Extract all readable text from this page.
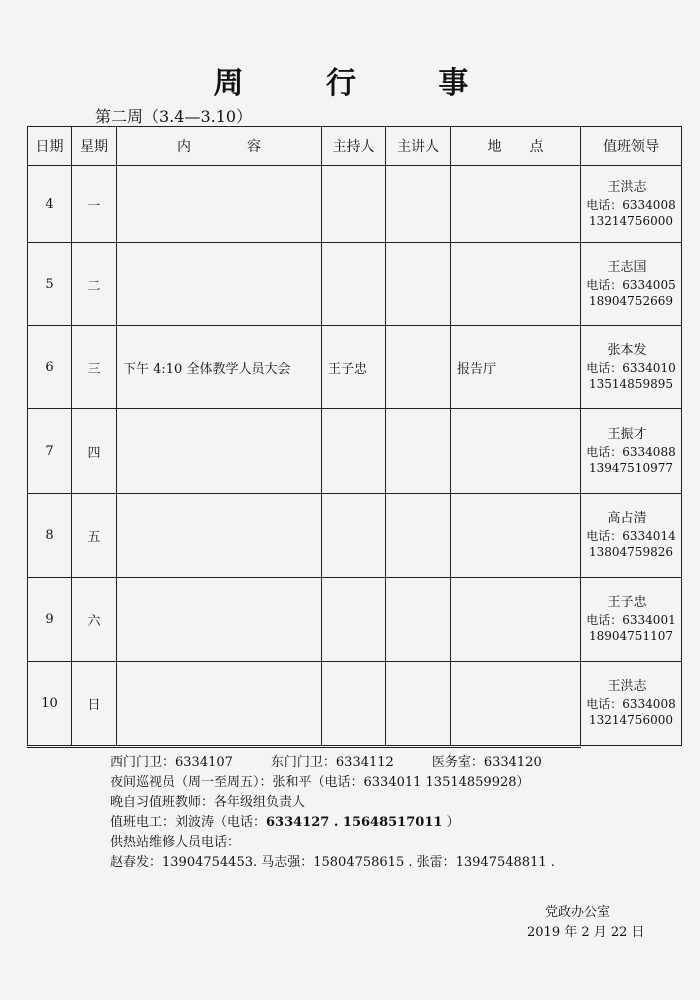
周 行 事
第二周（3.4—3.10）
日期	星期	内　　　　容	主持人	主讲人	地　　点	值班领导
4	一					王洪志
电话：6334008
13214756000
5	二					王志国
电话：6334005
18904752669
6	三	下午 4:10 全体教学人员大会	王子忠		报告厅	张本发
电话：6334010
13514859895
7	四					王振才
电话：6334088
13947510977
8	五					高占清
电话：6334014
13804759826
9	六					王子忠
电话：6334001
18904751107
10	日					王洪志
电话：6334008
13214756000
西门门卫：6334107	东门门卫：6334112	医务室：6334120
夜间巡视员（周一至周五）：张和平（电话：6334011 13514859928）
晚自习值班教师：各年级组负责人
值班电工：刘波涛（电话：6334127 . 15648517011 ）
供热站维修人员电话：
赵春发：13904754453. 马志强：15804758615 . 张雷：13947548811 .
党政办公室
2019 年 2 月 22 日
